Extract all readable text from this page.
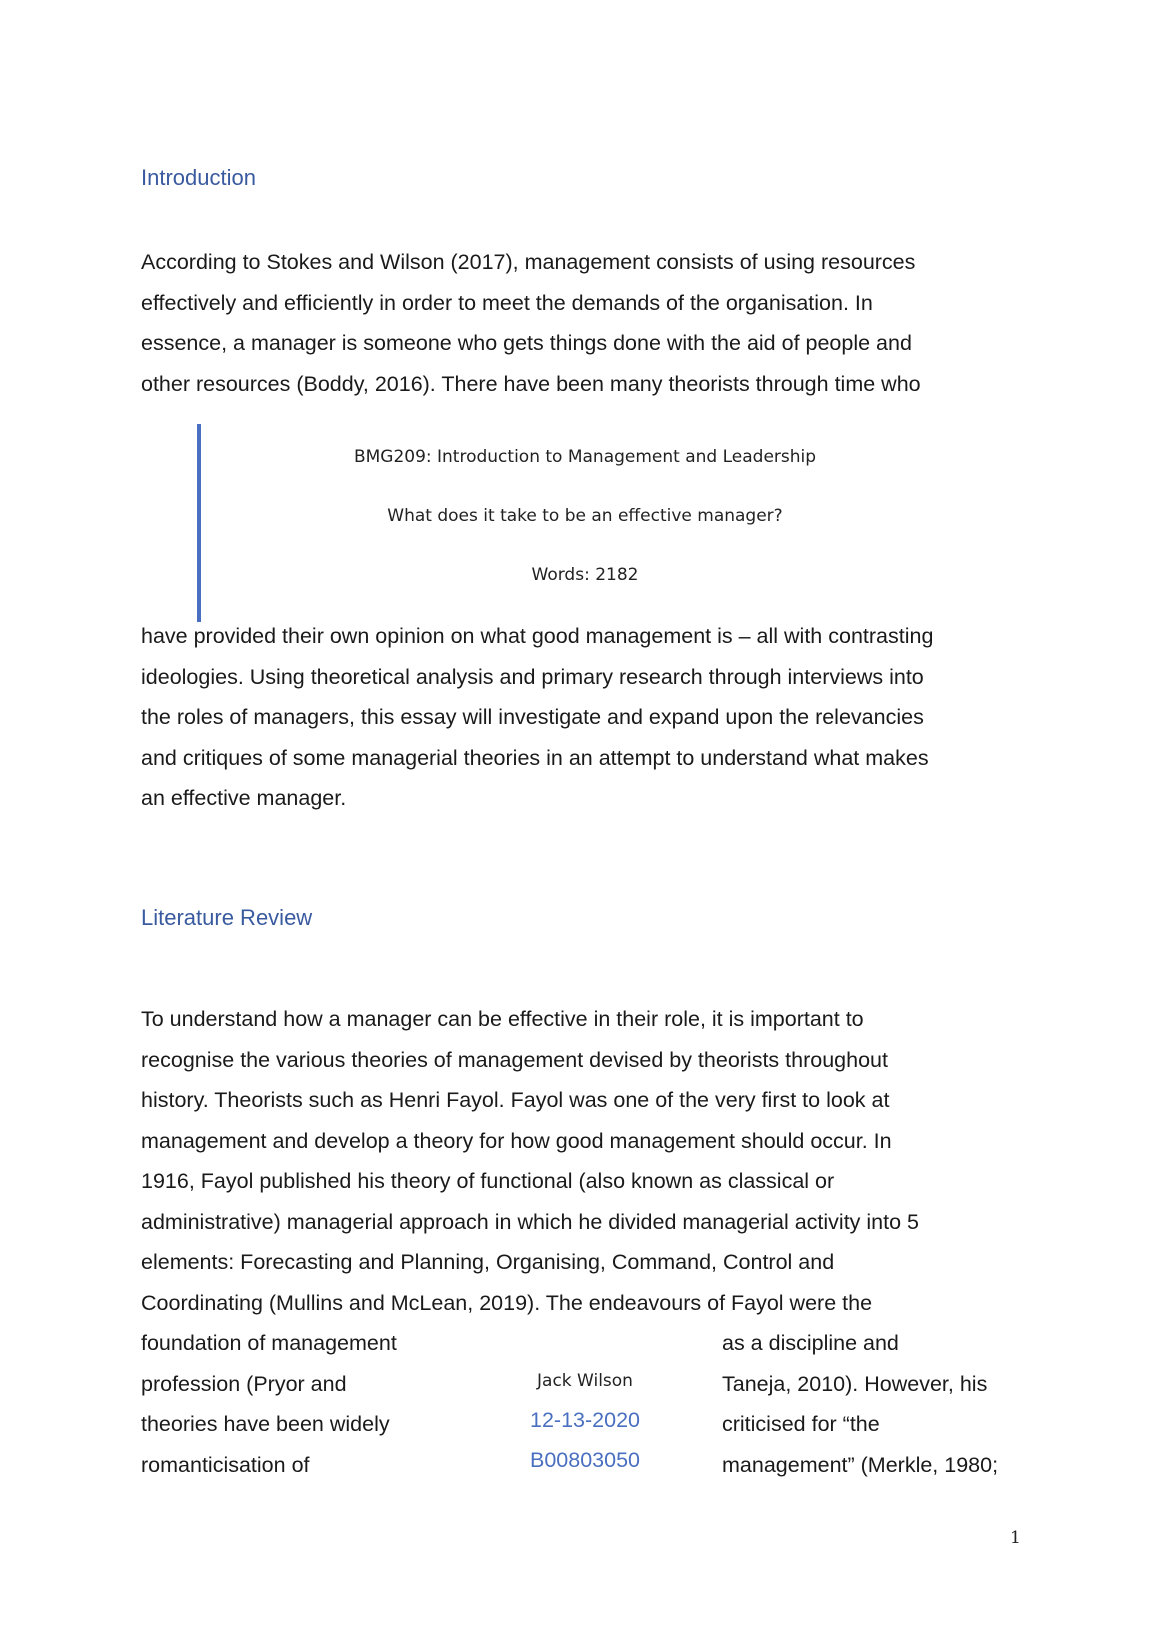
Introduction
According to Stokes and Wilson (2017), management consists of using resources
effectively and efficiently in order to meet the demands of the organisation. In
essence, a manager is someone who gets things done with the aid of people and
other resources (Boddy, 2016). There have been many theorists through time who
BMG209: Introduction to Management and Leadership
What does it take to be an effective manager?
Words: 2182
have provided their own opinion on what good management is – all with contrasting
ideologies. Using theoretical analysis and primary research through interviews into
the roles of managers, this essay will investigate and expand upon the relevancies
and critiques of some managerial theories in an attempt to understand what makes
an effective manager.
Literature Review
To understand how a manager can be effective in their role, it is important to
recognise the various theories of management devised by theorists throughout
history. Theorists such as Henri Fayol. Fayol was one of the very first to look at
management and develop a theory for how good management should occur. In
1916, Fayol published his theory of functional (also known as classical or
administrative) managerial approach in which he divided managerial activity into 5
elements: Forecasting and Planning, Organising, Command, Control and
Coordinating (Mullins and McLean, 2019). The endeavours of Fayol were the
foundation of management
profession (Pryor and
theories have been widely
romanticisation of
as a discipline and
Taneja, 2010). However, his
criticised for “the
management” (Merkle, 1980;
Jack Wilson
12-13-2020
B00803050
1
